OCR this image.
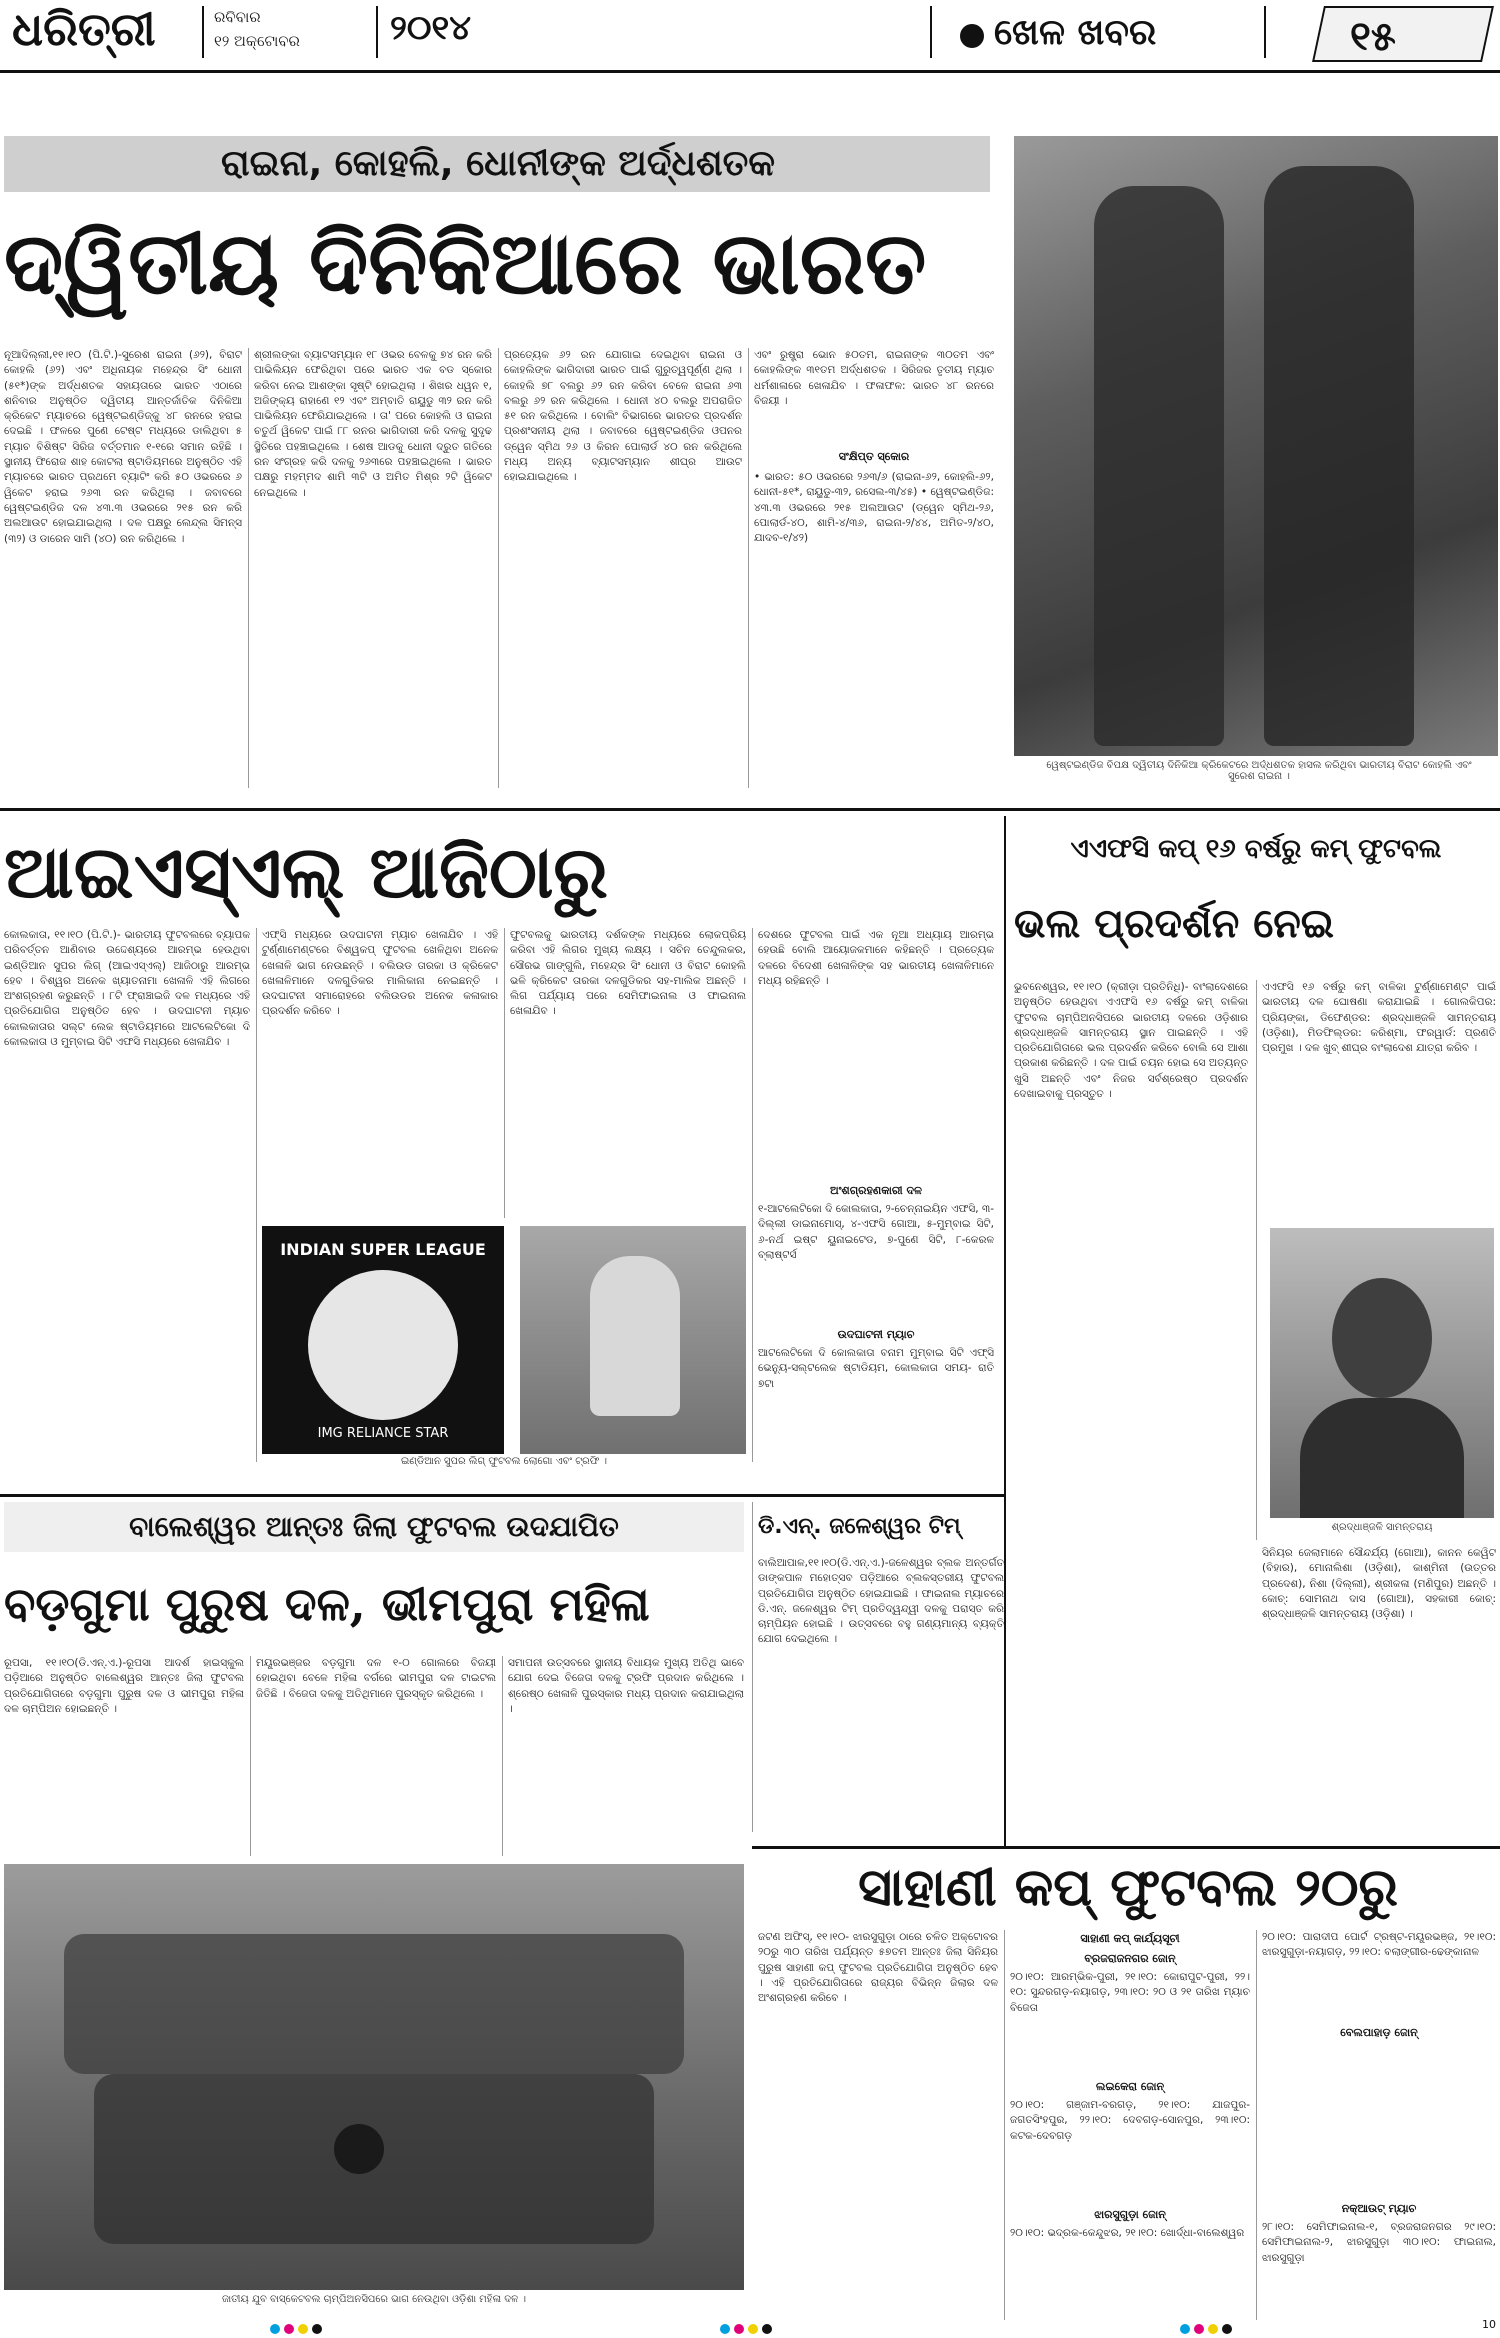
ଧରିତ୍ରୀ	ରବିବାର
୧୨ ଅକ୍ଟୋବର	୨୦୧୪	ଖେଳ ଖବର	୧୫
ରାଇନା, କୋହଲି, ଧୋନୀଙ୍କ ଅର୍ଦ୍ଧଶତକ
ଦ୍ୱିତୀୟ ଦିନିକିଆରେ ଭାରତ
ୱେଷ୍ଟଇଣ୍ଡିଜ ବିପକ୍ଷ ଦ୍ୱିତୀୟ ଦିନିକିଆ କ୍ରିକେଟରେ ଅର୍ଦ୍ଧଶତକ ହାସଲ କରିଥିବା ଭାରତୀୟ ବିରାଟ କୋହଲି ଏବଂ ସୁରେଶ ରାଇନା ।
ନୂଆଦିଲ୍ଲୀ,୧୧।୧୦ (ପି.ଟି.)-ସୁରେଶ ରାଇନା (୬୨), ବିରାଟ କୋହଲି (୬୨) ଏବଂ ଅଧିନାୟକ ମହେନ୍ଦ୍ର ସିଂ ଧୋନୀ (୫୧*)ଙ୍କ ଅର୍ଦ୍ଧଶତକ ସହାୟତାରେ ଭାରତ ଏଠାରେ ଶନିବାର ଅନୁଷ୍ଠିତ ଦ୍ୱିତୀୟ ଆନ୍ତର୍ଜାତିକ ଦିନିକିଆ କ୍ରିକେଟ ମ୍ୟାଚରେ ୱେଷ୍ଟଇଣ୍ଡିଜ୍‌କୁ ୪୮ ରନରେ ହରାଇ ଦେଇଛି । ଫଳରେ ପୁଣେ ଟେଷ୍ଟ ମଧ୍ୟରେ ଡାଲିଥିବା ୫ ମ୍ୟାଚ ବିଶିଷ୍ଟ ସିରିଜ ବର୍ତ୍ତମାନ ୧-୧ରେ ସମାନ ରହିଛି । ସ୍ଥାନୀୟ ଫିରୋଜ ଶାହ କୋଟଲା ଷ୍ଟାଡିୟମରେ ଅନୁଷ୍ଠିତ ଏହି ମ୍ୟାଚରେ ଭାରତ ପ୍ରଥମେ ବ୍ୟାଟିଂ କରି ୫୦ ଓଭରରେ ୬ ୱିକେଟ ହରାଇ ୨୬୩ ରନ କରିଥିଲା । ଜବାବରେ ୱେଷ୍ଟଇଣ୍ଡିଜ ଦଳ ୪୩.୩ ଓଭରରେ ୨୧୫ ରନ କରି ଅଲଆଉଟ ହୋଇଯାଇଥିଲା । ଦଳ ପକ୍ଷରୁ ଲେନ୍ଦ୍ଲ ସିମନ୍ସ (୩୨) ଓ ଡାରେନ ସାମି (୪୦) ରନ କରିଥିଲେ ।
ଶ୍ରୀଲଙ୍କା ବ୍ୟାଟସମ୍ୟାନ ୧୮ ଓଭର ବେଳକୁ ୭୪ ରନ କରି ପାଭିଲିୟନ ଫେରିଥିବା ପରେ ଭାରତ ଏକ ବଡ ସ୍କୋର କରିବା ନେଇ ଆଶଙ୍କା ସୃଷ୍ଟି ହୋଇଥିଲା । ଶିଖର ଧୱନ ୧, ଅଜିଙ୍କ୍ୟ ରାହାଣେ ୧୨ ଏବଂ ଅମ୍ବାତି ରାୟୁଡୁ ୩୨ ରନ କରି ପାଭିଲିୟନ ଫେରିଯାଇଥିଲେ । ତା' ପରେ କୋହଲି ଓ ରାଇନା ଚତୁର୍ଥ ୱିକେଟ ପାଇଁ ୮୮ ରନର ଭାଗିଦାରୀ କରି ଦଳକୁ ସୁଦୃଢ ସ୍ଥିତିରେ ପହଞ୍ଚାଇଥିଲେ । ଶେଷ ଆଡକୁ ଧୋନୀ ଦ୍ରୁତ ଗତିରେ ରନ ସଂଗ୍ରହ କରି ଦଳକୁ ୨୬୩ରେ ପହଞ୍ଚାଇଥିଲେ । ଭାରତ ପକ୍ଷରୁ ମହମ୍ମଦ ଶାମି ୩ଟି ଓ ଅମିତ ମିଶ୍ର ୨ଟି ୱିକେଟ ନେଇଥିଲେ ।
ପ୍ରତ୍ୟେକ ୬୨ ରନ ଯୋଗାଇ ଦେଇଥିବା ରାଇନା ଓ କୋହଲିଙ୍କ ଭାଗିଦାରୀ ଭାରତ ପାଇଁ ଗୁରୁତ୍ୱପୂର୍ଣ୍ଣ ଥିଲା । କୋହଲି ୭୮ ବଲରୁ ୬୨ ରନ କରିବା ବେଳେ ରାଇନା ୬୩ ବଲରୁ ୬୨ ରନ କରିଥିଲେ । ଧୋନୀ ୪୦ ବଲରୁ ଅପରାଜିତ ୫୧ ରନ କରିଥିଲେ । ବୋଲିଂ ବିଭାଗରେ ଭାରତର ପ୍ରଦର୍ଶନ ପ୍ରଶଂସନୀୟ ଥିଲା । ଜବାବରେ ୱେଷ୍ଟଇଣ୍ଡିଜ ଓପନର ଡ୍ୱେନ ସ୍ମିଥ ୨୬ ଓ କିରନ ପୋଲାର୍ଡ ୪୦ ରନ କରିଥିଲେ ମଧ୍ୟ ଅନ୍ୟ ବ୍ୟାଟସମ୍ୟାନ ଶୀଘ୍ର ଆଉଟ ହୋଇଯାଇଥିଲେ ।
ଏବଂ ରୁଷ୍ଟ୍ରା ଭୋନ ୫୦ତମ, ରାଇନାଙ୍କ ୩୦ତମ ଏବଂ କୋହଲିଙ୍କ ୩୧ତମ ଅର୍ଦ୍ଧଶତକ । ସିରିଜର ତୃତୀୟ ମ୍ୟାଚ ଧର୍ମଶାଳାରେ ଖେଳାଯିବ । ଫଳାଫଳ: ଭାରତ ୪୮ ରନରେ ବିଜୟୀ ।
ସଂକ୍ଷିପ୍ତ ସ୍କୋର
• ଭାରତ: ୫୦ ଓଭରରେ ୨୬୩/୬ (ରାଇନା-୬୨, କୋହଲି-୬୨, ଧୋନୀ-୫୧*, ରାୟୁଡୁ-୩୨, ରସେଲ-୩/୪୫) • ୱେଷ୍ଟଇଣ୍ଡିଜ: ୪୩.୩ ଓଭରରେ ୨୧୫ ଅଲଆଉଟ (ଡ୍ୱେନ ସ୍ମିଥ-୨୬, ପୋଲାର୍ଡ-୪୦, ଶାମି-୪/୩୬, ରାଇନା-୨/୪୪, ଅମିତ-୨/୪୦, ଯାଦବ-୧/୪୨)
ଆଇଏସ୍ଏଲ୍ ଆଜିଠାରୁ
କୋଲକାତା, ୧୧।୧୦ (ପି.ଟି.)- ଭାରତୀୟ ଫୁଟବଲରେ ବ୍ୟାପକ ପରିବର୍ତ୍ତନ ଆଣିବାର ଉଦ୍ଦେଶ୍ୟରେ ଆରମ୍ଭ ହେଉଥିବା ଇଣ୍ଡିଆନ ସୁପର ଲିଗ୍ (ଆଇଏସ୍ଏଲ୍) ଆଜିଠାରୁ ଆରମ୍ଭ ହେବ । ବିଶ୍ୱର ଅନେକ ଖ୍ୟାତନାମା ଖେଳାଳି ଏହି ଲିଗରେ ଅଂଶଗ୍ରହଣ କରୁଛନ୍ତି । ୮ଟି ଫ୍ରାଞ୍ଚାଇଜି ଦଳ ମଧ୍ୟରେ ଏହି ପ୍ରତିଯୋଗିତା ଅନୁଷ୍ଠିତ ହେବ । ଉଦଘାଟନୀ ମ୍ୟାଚ କୋଲକାତାର ସଲ୍ଟ ଲେକ ଷ୍ଟାଡିୟମରେ ଆଟଲେଟିକୋ ଦି କୋଲକାତା ଓ ମୁମ୍ବାଇ ସିଟି ଏଫସି ମଧ୍ୟରେ ଖେଳାଯିବ ।
ଏଫ୍‌ସି ମଧ୍ୟରେ ଉଦଘାଟନୀ ମ୍ୟାଚ ଖେଳାଯିବ । ଏହି ଟୁର୍ଣ୍ଣାମେଣ୍ଟରେ ବିଶ୍ୱକପ୍ ଫୁଟବଲ ଖେଳିଥିବା ଅନେକ ଖେଳାଳି ଭାଗ ନେଉଛନ୍ତି । ବଲିଉଡ ତାରକା ଓ କ୍ରିକେଟ ଖେଳାଳିମାନେ ଦଳଗୁଡିକର ମାଲିକାନା ନେଇଛନ୍ତି । ଉଦଘାଟନୀ ସମାରୋହରେ ବଲିଉଡର ଅନେକ କଳାକାର ପ୍ରଦର୍ଶନ କରିବେ ।
ଫୁଟବଲକୁ ଭାରତୀୟ ଦର୍ଶକଙ୍କ ମଧ୍ୟରେ ଲୋକପ୍ରିୟ କରିବା ଏହି ଲିଗର ମୁଖ୍ୟ ଲକ୍ଷ୍ୟ । ସଚିନ ତେନ୍ଦୁଲକର, ସୌରଭ ଗାଙ୍ଗୁଲି, ମହେନ୍ଦ୍ର ସିଂ ଧୋନୀ ଓ ବିରାଟ କୋହଲି ଭଳି କ୍ରିକେଟ ତାରକା ଦଳଗୁଡିକର ସହ-ମାଲିକ ଅଛନ୍ତି । ଲିଗ ପର୍ଯ୍ୟାୟ ପରେ ସେମିଫାଇନାଲ ଓ ଫାଇନାଲ ଖେଳାଯିବ ।
INDIAN SUPER LEAGUE
IMG RELIANCE STAR
ଇଣ୍ଡିଆନ ସୁପର ଲିଗ୍ ଫୁଟବଲ ଲୋଗୋ ଏବଂ ଟ୍ରଫି ।
ଦେଶରେ ଫୁଟବଲ ପାଇଁ ଏକ ନୂଆ ଅଧ୍ୟାୟ ଆରମ୍ଭ ହେଉଛି ବୋଲି ଆୟୋଜକମାନେ କହିଛନ୍ତି । ପ୍ରତ୍ୟେକ ଦଳରେ ବିଦେଶୀ ଖେଳାଳିଙ୍କ ସହ ଭାରତୀୟ ଖେଳାଳିମାନେ ମଧ୍ୟ ରହିଛନ୍ତି ।
ଅଂଶଗ୍ରହଣକାରୀ ଦଳ
୧-ଆଟଲେଟିକୋ ଦି କୋଲକାତା, ୨-ଚେନ୍ନାଇୟିନ ଏଫସି, ୩-ଦିଲ୍ଲୀ ଡାଇନାମୋସ୍, ୪-ଏଫସି ଗୋଆ, ୫-ମୁମ୍ବାଇ ସିଟି, ୬-ନର୍ଥ ଇଷ୍ଟ ୟୁନାଇଟେଡ, ୭-ପୁଣେ ସିଟି, ୮-କେରଳ ବ୍ଲାଷ୍ଟର୍ସ
ଉଦଘାଟନୀ ମ୍ୟାଚ
ଆଟଲେଟିକୋ ଦି କୋଲକାତା ବନାମ ମୁମ୍ବାଇ ସିଟି ଏଫ୍‌ସି ଭେନ୍ୟୁ-ସଲ୍ଟଲେକ ଷ୍ଟାଡିୟମ, କୋଲକାତା ସମୟ- ରାତି ୭ଟା
ଏଏଫସି କପ୍ ୧୬ ବର୍ଷରୁ କମ୍ ଫୁଟବଲ
ଭଲ ପ୍ରଦର୍ଶନ ନେଇ
ଭୁବନେଶ୍ୱର, ୧୧।୧୦ (କ୍ରୀଡ଼ା ପ୍ରତିନିଧି)- ବାଂଲାଦେଶରେ ଅନୁଷ୍ଠିତ ହେଉଥିବା ଏଏଫସି ୧୬ ବର୍ଷରୁ କମ୍ ବାଳିକା ଫୁଟବଲ ଚାମ୍ପିଅନସିପରେ ଭାରତୀୟ ଦଳରେ ଓଡ଼ିଶାର ଶ୍ରଦ୍ଧାଞ୍ଜଳି ସାମନ୍ତରାୟ ସ୍ଥାନ ପାଇଛନ୍ତି । ଏହି ପ୍ରତିଯୋଗିତାରେ ଭଲ ପ୍ରଦର୍ଶନ କରିବେ ବୋଲି ସେ ଆଶା ପ୍ରକାଶ କରିଛନ୍ତି । ଦଳ ପାଇଁ ଚୟନ ହୋଇ ସେ ଅତ୍ୟନ୍ତ ଖୁସି ଅଛନ୍ତି ଏବଂ ନିଜର ସର୍ବଶ୍ରେଷ୍ଠ ପ୍ରଦର୍ଶନ ଦେଖାଇବାକୁ ପ୍ରସ୍ତୁତ ।
ଏଏଫସି ୧୬ ବର୍ଷରୁ କମ୍ ବାଳିକା ଟୁର୍ଣ୍ଣାମେଣ୍ଟ ପାଇଁ ଭାରତୀୟ ଦଳ ଘୋଷଣା କରାଯାଇଛି । ଗୋଲକିପର: ପ୍ରିୟଙ୍କା, ଡିଫେଣ୍ଡର: ଶ୍ରଦ୍ଧାଞ୍ଜଳି ସାମନ୍ତରାୟ (ଓଡ଼ିଶା), ମିଡଫିଲ୍ଡର: କରିଶ୍ମା, ଫରୱାର୍ଡ: ପ୍ରଣତି ପ୍ରମୁଖ । ଦଳ ଖୁବ୍ ଶୀଘ୍ର ବାଂଲାଦେଶ ଯାତ୍ରା କରିବ ।
ଶ୍ରଦ୍ଧାଞ୍ଜଳି ସାମନ୍ତରାୟ
ବାଲେଶ୍ୱର ଆନ୍ତଃ ଜିଲା ଫୁଟବଲ ଉଦଯାପିତ
ବଡ଼ଗୁମା ପୁରୁଷ ଦଳ, ଭୀମପୁରା ମହିଳା
ରୂପସା, ୧୧।୧୦(ଡି.ଏନ୍.ଏ.)-ରୂପସା ଆଦର୍ଶ ହାଇସ୍କୁଲ ପଡ଼ିଆରେ ଅନୁଷ୍ଠିତ ବାଲେଶ୍ୱର ଆନ୍ତଃ ଜିଲା ଫୁଟବଲ ପ୍ରତିଯୋଗିତାରେ ବଡ଼ଗୁମା ପୁରୁଷ ଦଳ ଓ ଭୀମପୁରା ମହିଳା ଦଳ ଚାମ୍ପିଅନ ହୋଇଛନ୍ତି ।
ମୟୂରଭଞ୍ଜର ବଡ଼ଗୁମା ଦଳ ୧-୦ ଗୋଲରେ ବିଜୟୀ ହୋଇଥିବା ବେଳେ ମହିଳା ବର୍ଗରେ ଭୀମପୁରା ଦଳ ଟାଇଟଲ ଜିତିଛି । ବିଜେତା ଦଳକୁ ଅତିଥିମାନେ ପୁରସ୍କୃତ କରିଥିଲେ ।
ସମାପନୀ ଉତ୍ସବରେ ସ୍ଥାନୀୟ ବିଧାୟକ ମୁଖ୍ୟ ଅତିଥି ଭାବେ ଯୋଗ ଦେଇ ବିଜେତା ଦଳକୁ ଟ୍ରଫି ପ୍ରଦାନ କରିଥିଲେ । ଶ୍ରେଷ୍ଠ ଖେଳାଳି ପୁରସ୍କାର ମଧ୍ୟ ପ୍ରଦାନ କରାଯାଇଥିଲା ।
ଜାତୀୟ ଯୁବ ବାସ୍କେଟବଲ ଚାମ୍ପିଅନସିପରେ ଭାଗ ନେଉଥିବା ଓଡ଼ିଶା ମହିଳା ଦଳ ।
ଡି.ଏନ୍. ଜଳେଶ୍ୱର ଟିମ୍
ବାଲିଆପାଳ,୧୧।୧୦(ଡି.ଏନ୍.ଏ.)-ଜଳେଶ୍ୱର ବ୍ଲକ ଅନ୍ତର୍ଗତ ଡାଙ୍କପାଳ ମହୋତ୍ସବ ପଡ଼ିଆରେ ବ୍ଲକସ୍ତରୀୟ ଫୁଟବଲ ପ୍ରତିଯୋଗିତା ଅନୁଷ୍ଠିତ ହୋଇଯାଇଛି । ଫାଇନାଲ ମ୍ୟାଚରେ ଡି.ଏନ୍. ଜଳେଶ୍ୱର ଟିମ୍ ପ୍ରତିଦ୍ୱନ୍ଦ୍ୱୀ ଦଳକୁ ପରାସ୍ତ କରି ଚାମ୍ପିୟନ ହୋଇଛି । ଉତ୍ସବରେ ବହୁ ଗଣ୍ୟମାନ୍ୟ ବ୍ୟକ୍ତି ଯୋଗ ଦେଇଥିଲେ ।
ସିନିୟର ଜେଲାମାନେ ସୌନ୍ଦର୍ଯ୍ୟ (ଗୋଆ), କାନନ କେୱିଟ (ବିହାର), ମୋନାଲିଶା (ଓଡ଼ିଶା), କାଶ୍ମିନୀ (ଉତ୍ତର ପ୍ରଦେଶ), ନିଶା (ଦିଲ୍ଲୀ), ଶ୍ରୀକଳା (ମଣିପୁର) ଅଛନ୍ତି । କୋଚ୍: ସୋମନାଥ ଦାସ (ଗୋଆ), ସହକାରୀ କୋଚ୍: ଶ୍ରଦ୍ଧାଞ୍ଜଳି ସାମନ୍ତରାୟ (ଓଡ଼ିଶା) ।
ସାହାଣୀ କପ୍ ଫୁଟବଲ ୨୦ରୁ
ଜଟଣ ଅଫିସ୍, ୧୧।୧୦- ଝାରସୁଗୁଡ଼ା ଠାରେ ଚଳିତ ଅକ୍ଟୋବର ୨୦ରୁ ୩୦ ତାରିଖ ପର୍ଯ୍ୟନ୍ତ ୫୭ତମ ଆନ୍ତଃ ଜିଲା ସିନିୟର ପୁରୁଷ ସାହାଣୀ କପ୍ ଫୁଟବଲ ପ୍ରତିଯୋଗିତା ଅନୁଷ୍ଠିତ ହେବ । ଏହି ପ୍ରତିଯୋଗିତାରେ ରାଜ୍ୟର ବିଭିନ୍ନ ଜିଲାର ଦଳ ଅଂଶଗ୍ରହଣ କରିବେ ।
ସାହାଣୀ କପ୍ କାର୍ଯ୍ୟସୂଚୀ
ବ୍ରଜରାଜନଗର ଜୋନ୍
୨୦।୧୦: ଆରମ୍ଭିକ-ପୁରୀ, ୨୧।୧୦: କୋରାପୁଟ-ପୁରୀ, ୨୨।୧୦: ସୁନ୍ଦରଗଡ଼-ନୟାଗଡ଼, ୨୩।୧୦: ୨୦ ଓ ୨୧ ତାରିଖ ମ୍ୟାଚ ବିଜେତା
ଲଇକେରା ଜୋନ୍
୨୦।୧୦: ଗଞ୍ଜାମ-ବରଗଡ଼, ୨୧।୧୦: ଯାଜପୁର-ଜଗତସିଂହପୁର, ୨୨।୧୦: ଦେବଗଡ଼-ସୋନପୁର, ୨୩।୧୦: କଟକ-ଦେବଗଡ଼
ଝାରସୁଗୁଡ଼ା ଜୋନ୍
୨୦।୧୦: ଭଦ୍ରକ-କେନ୍ଦୁଝର, ୨୧।୧୦: ଖୋର୍ଦ୍ଧା-ବାଲେଶ୍ୱର
୨୦।୧୦: ପାରାଦୀପ ପୋର୍ଟ ଟ୍ରଷ୍ଟ-ମୟୂରଭଞ୍ଜ, ୨୧।୧୦: ଝାରସୁଗୁଡ଼ା-ନୟାଗଡ଼, ୨୨।୧୦: ବଲାଙ୍ଗୀର-ଢେଙ୍କାନାଳ
ବେଲପାହାଡ଼ ଜୋନ୍
ନକ୍‌ଆଉଟ୍ ମ୍ୟାଚ
୨୮।୧୦: ସେମିଫାଇନାଲ-୧, ବ୍ରଜରାଜନଗର ୨୯।୧୦: ସେମିଫାଇନାଲ-୨, ଝାରସୁଗୁଡ଼ା ୩୦।୧୦: ଫାଇନାଲ, ଝାରସୁଗୁଡ଼ା
10
